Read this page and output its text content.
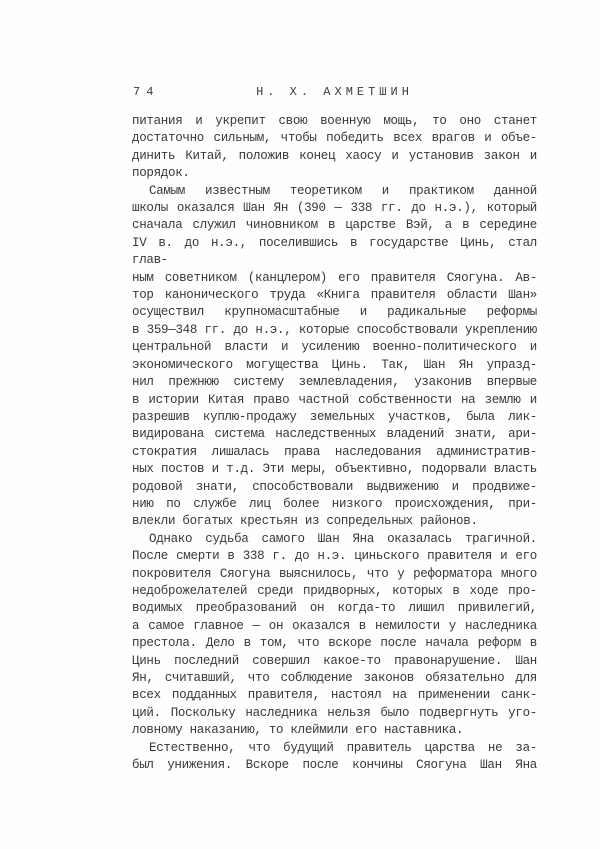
74	Н. Х. АХМЕТШИН
питания и укрепит свою военную мощь, то оно станет
достаточно сильным, чтобы победить всех врагов и объе-
динить Китай, положив конец хаосу и установив закон и
порядок.
Самым известным теоретиком и практиком данной
школы оказался Шан Ян (390 — 338 гг. до н.э.), который
сначала служил чиновником в царстве Вэй, а в середине
IV в. до н.э., поселившись в государстве Цинь, стал глав-
ным советником (канцлером) его правителя Сяогуна. Ав-
тор канонического труда «Книга правителя области Шан»
осуществил крупномасштабные и радикальные реформы
в 359—348 гг. до н.э., которые способствовали укреплению
центральной власти и усилению военно-политического и
экономического могущества Цинь. Так, Шан Ян упразд-
нил прежнюю систему землевладения, узаконив впервые
в истории Китая право частной собственности на землю и
разрешив куплю-продажу земельных участков, была лик-
видирована система наследственных владений знати, ари-
стократия лишалась права наследования административ-
ных постов и т.д. Эти меры, объективно, подорвали власть
родовой знати, способствовали выдвижению и продвиже-
нию по службе лиц более низкого происхождения, при-
влекли богатых крестьян из сопредельных районов.
Однако судьба самого Шан Яна оказалась трагичной.
После смерти в 338 г. до н.э. циньского правителя и его
покровителя Сяогуна выяснилось, что у реформатора много
недоброжелателей среди придворных, которых в ходе про-
водимых преобразований он когда-то лишил привилегий,
а самое главное — он оказался в немилости у наследника
престола. Дело в том, что вскоре после начала реформ в
Цинь последний совершил какое-то правонарушение. Шан
Ян, считавший, что соблюдение законов обязательно для
всех подданных правителя, настоял на применении санк-
ций. Поскольку наследника нельзя было подвергнуть уго-
ловному наказанию, то клеймили его наставника.
Естественно, что будущий правитель царства не за-
был унижения. Вскоре после кончины Сяогуна Шан Яна
